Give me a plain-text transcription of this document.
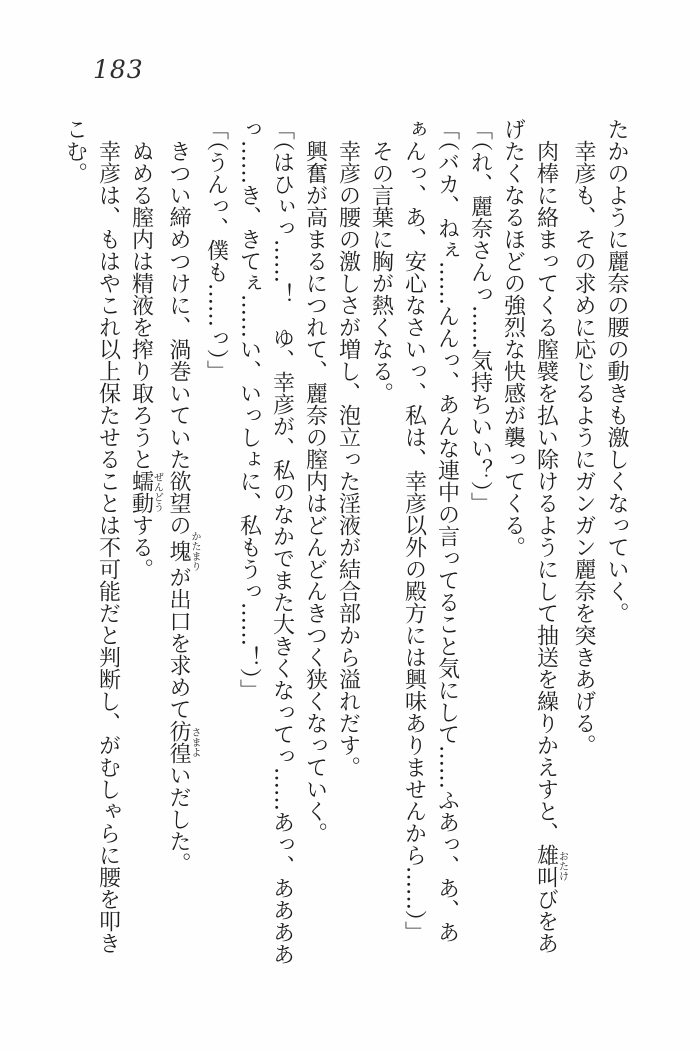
183
たかのように麗奈の腰の動きも激しくなっていく。
幸彦も、その求めに応じるようにガンガン麗奈を突きあげる。
肉棒に絡まってくる膣襞を払い除けるようにして抽送を繰りかえすと、雄叫おたけびをあ
げたくなるほどの強烈な快感が襲ってくる。
「（れ、麗奈さんっ……気持ちいい？）」
「（バカ、ねぇ……んんっ、あんな連中の言ってること気にして……ふあっ、あ、あ
ぁんっ、あ、安心なさいっ、私は、幸彦以外の殿方には興味ありませんから……）」
その言葉に胸が熱くなる。
幸彦の腰の激しさが増し、泡立った淫液が結合部から溢れだす。
興奮が高まるにつれて、麗奈の膣内はどんどんきつく狭くなっていく。
「（はひぃっ……！　ゆ、幸彦が、私のなかでまた大きくなってっ……あっ、ああああ
っ……き、きてぇ……い、いっしょに、私もうっ……！）」
「（うんっ、僕も……っ）」
きつい締めつけに、渦巻いていた欲望の塊かたまりが出口を求めて彷徨さまよいだした。
ぬめる膣内は精液を搾り取ろうと蠕動ぜんどうする。
幸彦は、もはやこれ以上保たせることは不可能だと判断し、がむしゃらに腰を叩き
こむ。
